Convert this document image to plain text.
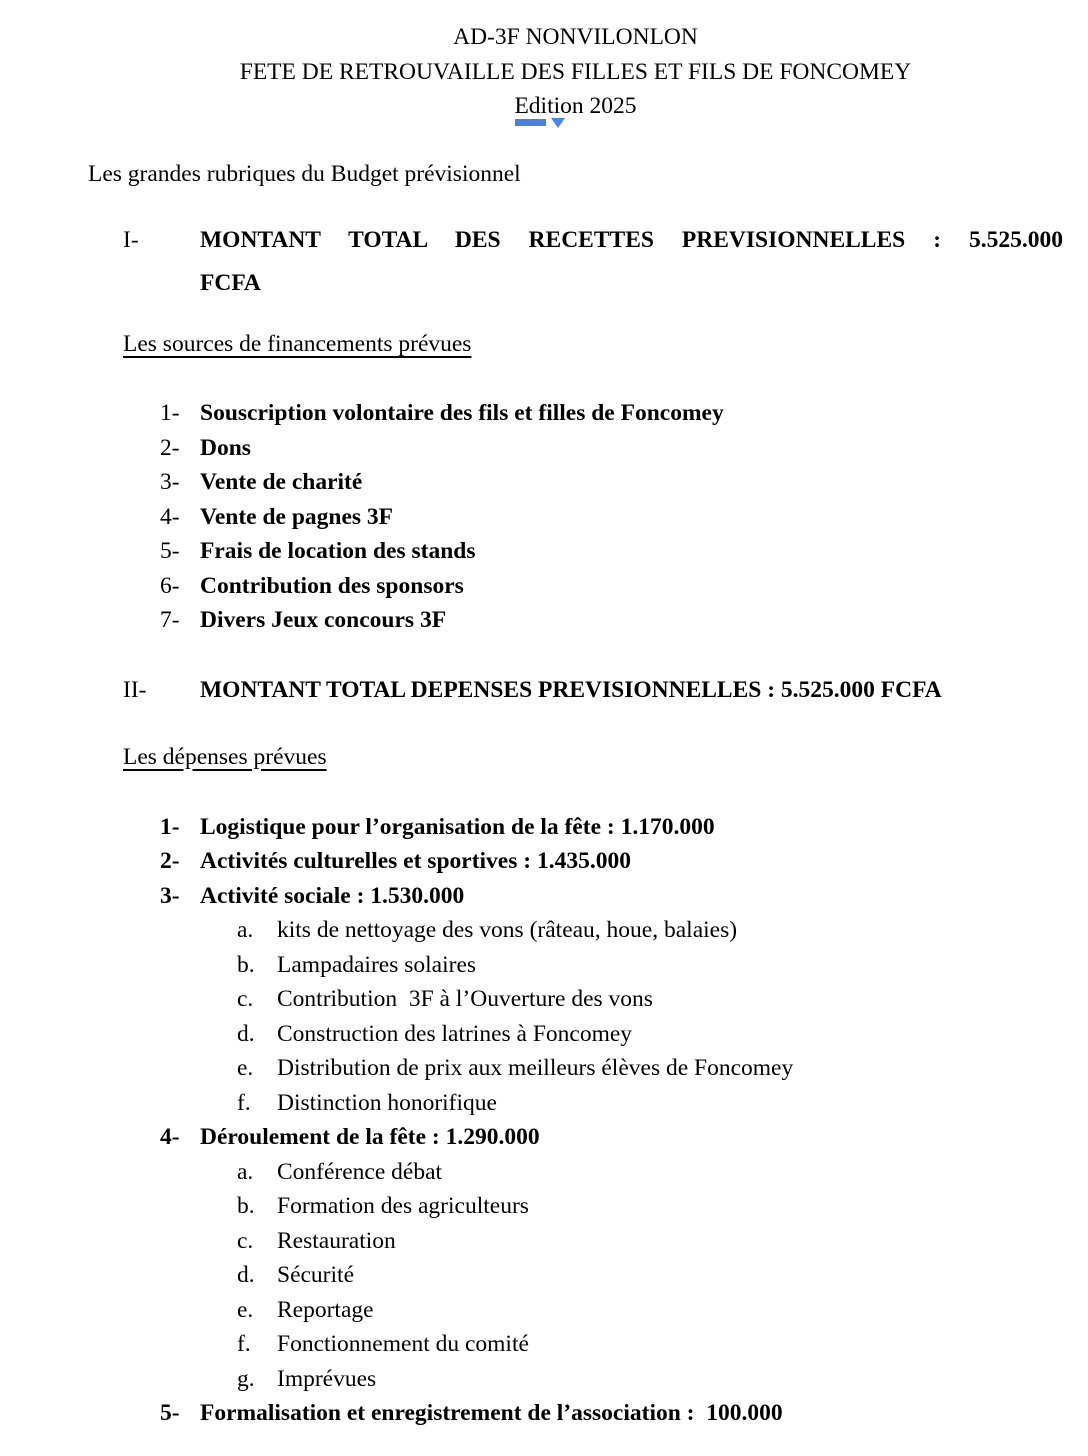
AD-3F NONVILONLON
FETE DE RETROUVAILLE DES FILLES ET FILS DE FONCOMEY
Edition 2025
Les grandes rubriques du Budget prévisionnel
I-	MONTANT TOTAL DES RECETTES PREVISIONNELLES : 5.525.000
FCFA
Les sources de financements prévues
1- Souscription volontaire des fils et filles de Foncomey
2- Dons
3- Vente de charité
4- Vente de pagnes 3F
5- Frais de location des stands
6- Contribution des sponsors
7- Divers Jeux concours 3F
II- MONTANT TOTAL DEPENSES PREVISIONNELLES : 5.525.000 FCFA
Les dépenses prévues
1- Logistique pour l’organisation de la fête : 1.170.000
2- Activités culturelles et sportives : 1.435.000
3- Activité sociale : 1.530.000
a. kits de nettoyage des vons (râteau, houe, balaies)
b. Lampadaires solaires
c. Contribution  3F à l’Ouverture des vons
d. Construction des latrines à Foncomey
e. Distribution de prix aux meilleurs élèves de Foncomey
f. Distinction honorifique
4- Déroulement de la fête : 1.290.000
a. Conférence débat
b. Formation des agriculteurs
c. Restauration
d. Sécurité
e. Reportage
f. Fonctionnement du comité
g. Imprévues
5- Formalisation et enregistrement de l’association :  100.000
